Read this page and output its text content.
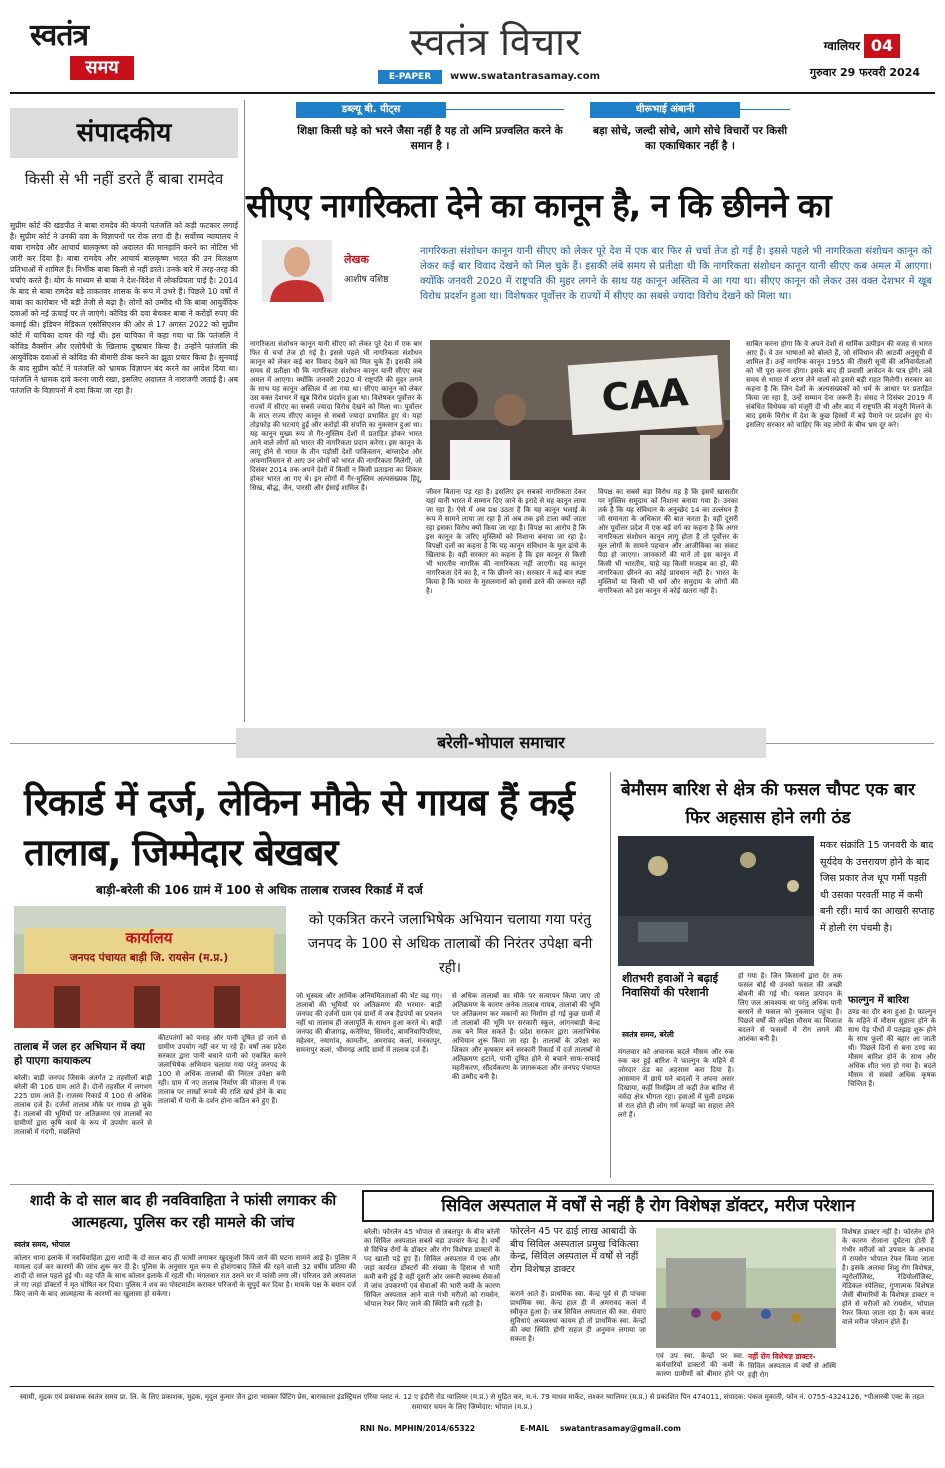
स्वतंत्र
समय
स्वतंत्र विचार
E-PAPER	www.swatantrasamay.com
ग्वालियर 04
गुरुवार 29 फरवरी 2024
संपादकीय
किसी से भी नहीं डरते हैं बाबा रामदेव
सुप्रीम कोर्ट की खंडपीठ ने बाबा रामदेव की कंपनी पतंजलि को कड़ी फटकार लगाई है। सुप्रीम कोर्ट ने उनकी दवा के विज्ञापनों पर रोक लगा दी है। सर्वोच्च न्यायालय ने बाबा रामदेव और आचार्य बालकृष्ण को अदालत की मानहानि करने का नोटिस भी जारी कर दिया है। बाबा रामदेव और आचार्य बालकृष्ण भारत की उन विलक्षण प्रतिभाओं में शामिल हैं। निर्भीक बाबा किसी से नहीं डरते। उनके बारे में तरह-तरह की चर्चाएं करते हैं। योग के माध्यम से बाबा ने देश-विदेश में लोकप्रियता पाई है। 2014 के बाद से बाबा रामदेव बड़े ताकतवर शासक के रूप में उभरे हैं। पिछले 10 वर्षों में बाबा का कारोबार भी बड़ी तेजी से बढ़ा है। लोगों को उम्मीद थी कि बाबा आयुर्वेदिक दवाओं को नई ऊंचाई पर ले जाएंगे। कोविड की दवा बेचकर बाबा ने करोड़ों रुपए की कमाई की। इंडियन मेडिकल एसोसिएशन की ओर से 17 अगस्त 2022 को सुप्रीम कोर्ट में याचिका दायर की गई थी। इस याचिका में कहा गया था कि पतंजलि ने कोविड वैक्सीन और एलोपैथी के खिलाफ दुष्प्रचार किया है। उन्होंने पतंजलि की आयुर्वेदिक दवाओं से कोविड की बीमारी ठीक करने का झूठा प्रचार किया है। सुनवाई के बाद सुप्रीम कोर्ट ने पतंजलि को भ्रामक विज्ञापन बंद करने का आदेश दिया था। पतंजलि ने भ्रामक दावे करना जारी रखा, इसलिए अदालत ने नाराजगी जताई है। अब पतंजलि के विज्ञापनों में दवा किया जा रहा है।
डब्ल्यू बी. यीट्स
शिक्षा किसी घड़े को भरने जैसा नहीं है यह तो अग्नि प्रज्वलित करने के समान है ।
धीरूभाई अंबानी
बड़ा सोचे, जल्दी सोचे, आगे सोचे विचारों पर किसी का एकाधिकार नहीं है ।
सीएए नागरिकता देने का कानून है, न कि छीनने का
लेखक
आशीष वशिष्ठ
नागरिकता संशोधन कानून यानी सीएए को लेकर पूरे देश में एक बार फिर से चर्चा तेज हो गई है। इससे पहले भी नागरिकता संशोधन कानून को लेकर कई बार विवाद देखने को मिल चुके हैं। इसकी लंबे समय से प्रतीक्षा थी कि नागरिकता संशोधन कानून यानी सीएए कब अमल में आएगा। क्योंकि जनवरी 2020 में राष्ट्रपति की मुहर लगने के साथ यह कानून अस्तित्व में आ गया था। सीएए कानून को लेकर उस वक्त देशभर में खूब विरोध प्रदर्शन हुआ था। विशेषकर पूर्वोत्तर के राज्यों में सीएए का सबसे ज्यादा विरोध देखने को मिला था।
CAA
नागरिकता संशोधन कानून यानी सीएए को लेकर पूरे देश में एक बार फिर से चर्चा तेज हो गई है। इससे पहले भी नागरिकता संशोधन कानून को लेकर कई बार विवाद देखने को मिल चुके हैं। इसकी लंबे समय से प्रतीक्षा थी कि नागरिकता संशोधन कानून यानी सीएए कब अमल में आएगा। क्योंकि जनवरी 2020 में राष्ट्रपति की मुहर लगने के साथ यह कानून अस्तित्व में आ गया था। सीएए कानून को लेकर उस वक्त देशभर में खूब विरोध प्रदर्शन हुआ था। विशेषकर पूर्वोत्तर के राज्यों में सीएए का सबसे ज्यादा विरोध देखने को मिला था। पूर्वोत्तर के सात राज्य सीएए कानून से सबसे ज्यादा प्रभावित हुए थे। यहां तोड़फोड़ की घटनाएं हुईं और करोड़ों की संपत्ति का नुकसान हुआ था। यह कानून मुख्य रूप से गैर-मुस्लिम देशों में प्रताड़ित होकर भारत आने वाले लोगों को भारत की नागरिकता प्रदान करेगा। इस कानून के लागू होने से भारत के तीन पड़ोसी देशों पाकिस्तान, बांग्लादेश और अफगानिस्तान से आए उन लोगों को भारत की नागरिकता मिलेगी, जो दिसंबर 2014 तक अपने देशों में किसी न किसी प्रताड़ना का शिकार होकर भारत आ गए थे। इन लोगों में गैर-मुस्लिम अल्पसंख्यक हिंदू, सिख, बौद्ध, जैन, पारसी और ईसाई शामिल हैं।	जीवन बिताना पड़ रहा है। इसलिए इन सबको नागरिकता देकर यहां यानी भारत में सम्मान दिए जाने के इरादे से यह कानून लाया जा रहा है। ऐसे में अब प्रश्न उठता है कि यह कानून भलाई के रूप में सामने लाया जा रहा है तो अब तक इसे टाला क्यों जाता रहा इसका विरोध क्यों किया जा रहा है। विपक्ष का आरोप है कि इस कानून के जरिए मुस्लिमों को निशाना बनाया जा रहा है। विपक्षी दलों का कहना है कि यह कानून संविधान के मूल ढांचे के खिलाफ है। वहीं सरकार का कहना है कि इस कानून से किसी भी भारतीय नागरिक की नागरिकता नहीं जाएगी। यह कानून नागरिकता देने का है, न कि छीनने का। सरकार ने कई बार स्पष्ट किया है कि भारत के मुसलमानों को इससे डरने की जरूरत नहीं है।
विपक्ष का सबसे बड़ा विरोध यह है कि इसमें खासतौर पर मुस्लिम समुदाय को निशाना बनाया गया है। उनका तर्क है कि यह संविधान के अनुच्छेद 14 का उल्लंघन है जो समानता के अधिकार की बात करता है। वहीं दूसरी ओर पूर्वोत्तर प्रदेश में एक बड़ें वर्ग का कहना है कि अगर नागरिकता संशोधन कानून लागू होता है तो पूर्वोत्तर के मूल लोगों के सामने पहचान और आजीविका का संकट पैदा हो जाएगा। जानकारों की मानें तो इस कानून में किसी भी भारतीय, चाहे वह किसी मजहब का हो, की नागरिकता छीनने का कोई प्रावधान नहीं है। भारत के मुस्लिमों या किसी भी धर्म और समुदाय के लोगों की नागरिकता को इस कानून से कोई खतरा नहीं है।
साबित करना होगा कि वे अपने देशों से धार्मिक उत्पीड़न की वजह से भारत आए हैं। वे उन भाषाओं को बोलते हैं, जो संविधान की आठवीं अनुसूची में शामिल हैं। उन्हें नागरिक कानून 1955 की तीसरी सूची की अनिवार्यताओं को भी पूरा करना होगा। इसके बाद ही प्रवासी आवेदन के पात्र होंगे। लंबे समय से भारत में शरण लेने वालों को इससे बड़ी राहत मिलेगी। सरकार का कहना है कि जिन देशों के अल्पसंख्यकों को धर्म के आधार पर प्रताड़ित किया जा रहा है, उन्हें सम्मान देना जरूरी है। संसद ने दिसंबर 2019 में संबंधित विधेयक को मंजूरी दी थी और बाद में राष्ट्रपति की मंजूरी मिलने के बाद इसके विरोध में देश के कुछ हिस्सों में बड़े पैमाने पर प्रदर्शन हुए थे। इसलिए सरकार को चाहिए कि वह लोगों के बीच भ्रम दूर करे।
बरेली-भोपाल समाचार
रिकार्ड में दर्ज, लेकिन मौके से गायब हैं कई तालाब, जिम्मेदार बेखबर
बाड़ी-बरेली की 106 ग्रामं में 100 से अधिक तालाब राजस्व रिकार्ड में दर्ज
को एकत्रित करने जलाभिषेक अभियान चलाया गया परंतु जनपद के 100 से अधिक तालाबों की निरंतर उपेक्षा बनी रही।
कार्यालय
जनपद पंचायत बाड़ी जि. रायसेन (म.प्र.)
तालाब में जल हर अभियान में क्या हो पाएगा कायाकल्प
बरेली। बाड़ी जनपद जिसके अंतर्गत 2 तहसीलों बाड़ी बरेली की 106 ग्राम आते हैं। दोनों तहसील में लगभग 225 ग्राम आते हैं। राजस्व रिकार्ड में 100 से अधिक तालाब दर्ज हैं। दर्जनों तालाब मौके पर गायब हो चुके हैं। तालाबों की भूमियों पर अतिक्रमण एवं तालाबों का ग्रामीणों द्वारा कृषि कार्य के रूप में उपयोग करने से तालाबों में गंदगी, मछलियों
कीटपतंगों को पनाह और पानी दूषित हो जाने से ग्रामीण उपयोग नहीं कर पा रहे हैं। वर्षों तक प्रदेश सरकार द्वारा पानी बचाने पानी को एकत्रित करने जलाभिषेक अभियान चलाया गया परंतु जनपद के 100 से अधिक तालाबों की निरंतर उपेक्षा बनी रही। ग्राम में नए तालाब निर्माण की योजना में एक तालाब पर लाखों रूपये की राशि खर्च होने के बाद तालाबों में पानी के दर्शन होना कठिन बने हुए हैं।
जो भूस्वत्व और आर्थिक अनियमितताओं की भेंट चढ़ गए। तालाबों की भूमियों पर अतिक्रमण की भरमार- बाड़ी जनपद की दर्जनों ग्राम एवं ग्रामों में जब हैंडपंपों का प्रचलन नहीं था तालाब ही जलापूर्ति के साधन हुआ करते थे। बाड़ी जनपद की बीजागढ़, कनेरिया, सिमरोद, बामनियापिपरिया, महेश्वर, नयागांव, कामतौन, अमरावद कलां, मनकापुर, समनापुर कलां, भीमगढ़ आदि ग्रामों में तालाब दर्ज हैं।
से अधिक तालाबों का मौके पर सत्यापन किया जाए तो अतिक्रमण के कारण अनेक तालाब गायब, तालाबों की भूमि पर अतिक्रमण कर मकानों का निर्माण हो गई कुछ ग्रामों में तो तालाबों की भूमि पर सरकारी स्कूल, आंगनबाड़ी केन्द्र तक बने मिल सकते हैं। प्रदेश सरकार द्वारा जलाभिषेक अभियान शुरू किया जा रहा है। तालाबों के उपेक्षा का शिकार और कृषकार बने सरकारी रिकार्ड में दर्ज तालाबों से अतिक्रमण हटाने, पानी दूषित होने से बचाने साफ-सफाई महरीकरण, सौंदर्यकरण के जागरूकता और जनपद पंचायत की उम्मीद बनी है।
बेमौसम बारिश से क्षेत्र की फसल चौपट एक बार फिर अहसास होने लगी ठंड
मकर संक्रांति 15 जनवरी के बाद सूर्यदेव के उत्तरायण होने के बाद जिस प्रकार तेज धूप गर्मी पड़ती थी उसका परवर्ती माह में कमी बनी रही। मार्च का आखरी सप्ताह में होली रंग पंचमी है।
शीतभरी हवाओं ने बढ़ाई निवासियों की परेशानी
स्वतंत्र समय, बरेली
मंगलवार को अचानक बदले मौसम और रुक रुक कर हुई बारिश ने फाल्गुन के महिने में जोरदार ठंड का अहसास करा दिया है। आसमान में छाये घने बादलों ने अपना असर दिखाया, कहीं रिमझिम तो कहीं तेज बारिश से नर्मदा क्षेत्र भीगता रहा। हवाओं में घुली ठण्डक से रात होते ही लोग गर्म कपड़ों का सहारा लेने लगे हैं।
हो गया है। जिन किसानों द्वारा देर तक फसल बोई थी उनको फसल की अच्छी बोवनी की गई थी। फसल उत्पादन के लिए जल आवश्यक था परंतु अधिक पानी बरसने से फसल को नुकसान पहुंचा है। पिछले वर्षों की अपेक्षा मौसम का मिजाज बदलने से फसलों में रोग लगने की आशंका बनी है।
फाल्गुन में बारिश
ठण्ड का दौर बना हुआ है। फाल्गुन के महिने में मौसम सुहाना होने के साथ पेड़ पौधों में पतझड़ शुरू होने के साथ फूलों की बहार आ जाती थी। पिछले दिनों से बना ठण्ड का मौसम बारिश होने के साथ और अधिक शीत भरा हो गया है। बदले मौसम से सबसे अधिक कृषक चिन्तित हैं।
शादी के दो साल बाद ही नवविवाहिता ने फांसी लगाकर की आत्महत्या, पुलिस कर रही मामले की जांच
स्वतंत्र समय, भोपाल
कोलार थाना इलाके में नवविवाहिता द्वारा शादी के दो साल बाद ही फांसी लगाकर खुदकुशी किये जाने की घटना सामने आई है। पुलिस ने मामला दर्ज कर कारणों की जांच शुरू कर दी है। पुलिस के अनुसार मूल रूप से होशंगाबाद जिले की रहने वाली 32 वर्षीय प्रतिमा की शादी दो साल पहले हुई थी। वह पति के साथ कोलार इलाके में रहती थी। मंगलवार रात उसने घर में फांसी लगा ली। परिजन उसे अस्पताल ले गए जहां डॉक्टरों ने मृत घोषित कर दिया। पुलिस ने शव का पोस्टमार्टम कराकर परिजनों के सुपुर्द कर दिया है। मायके पक्ष के बयान दर्ज किए जाने के बाद आत्महत्या के कारणों का खुलासा हो सकेगा।
सिविल अस्पताल में वर्षों से नहीं है रोग विशेषज्ञ डॉक्टर, मरीज परेशान
बरेली। फोरलेन 45 भोपाल से जबलपुर के बीच बरेली का सिविल अस्पताल सबसे बड़ा उपचार केन्द्र है। वर्षों से विभिन्न रोगों के डॉक्टर और रोग विशेषज्ञ डाक्टरों के पद खाली पड़े हुए हैं। सिविल अस्पताल में एक और जहां कार्यरत डॉक्टरों की संख्या के हिसाब से भारी कमी बनी हुई है वहीं दूसरी ओर जरूरी स्वास्थ्य सेवाओं में जांच उपकरणों एवं सेवाओं की भारी कमी के कारण सिविल अस्पताल आने वाले गंभी मरीजों को रायसेन, भोपाल रेफर किए जाने की स्थिति बनी रहती है।
फोरलेन 45 पर ढाई लाख आबादी के बीच सिविल अस्पताल प्रमुख चिकित्सा केन्द्र, सिविल अस्पताल में वर्षों से नहीं रोग विशेषज्ञ डाक्टर
कराने आते हैं। प्राथमिक स्वा. केन्द्र पूर्व से ही पांचवा प्राथमिक स्वा. केन्द्र हाल ही में अमरावद कलां में स्वीकृत हुआ है। जब सिविल अस्पताल की स्वा. सेवाएं सुविधाएं अव्यवस्था कायम हो तो प्राथमिक स्वा. केन्द्रों की क्या स्थिति होगी सहज ही अनुमान लगाया जा सकता है।
एवं उप स्वा. केन्द्रों पर स्वा. कर्मचारियों डाक्टरों की कमी के कारण ग्रामीणों को बीमार होने पर
नहीं रोग विशेषज्ञ डाक्टर-
सिविल अस्पताल में वर्षों से अस्थि हड्डी रोग
विशेषज्ञ डाक्टर नहीं है। फोरलेन होने के कारण रोजाना दुर्घटना होती हैं गंभीर मरीजों को उपचार के अभाव में रायसेन भोपाल रेफर किया जाता है। इसके अलावा शिशु रोग विशेषज्ञ, न्यूरोलॉजिस्ट, रेडियोलॉजिस्ट, मेडिकल स्पेलिस्ट, गुणात्मक विशेषज्ञ जैसी बीमारियों के विशेषज्ञ डाक्टर न होने से मरीजों को रायसेन, भोपाल रेफर किया जाता रहा है। कम बजट वाले मरीज परेशान होते हैं।
स्वामी, मुद्रक एवं प्रकाशक स्वतंत्र समय प्रा. लि. के लिए प्रकाशक, मुद्रक, मृदुल कुमार जैन द्वारा भास्कर प्रिंटिंग प्रेस, बाराकात्ता इंडस्ट्रियल एरिया प्लाट नं. 12 ए इंदौरी रोड ग्वालियर (म.प्र.) से मुद्रित कर, म.नं. 79 माधव मार्केट, लश्कर ग्वालियर (म.प्र.) से प्रकाशित पिन 474011, संपादक: पंकज मुकाती, फोन नं. 0755-4324126, *पीआरबी एक्ट के तहत समाचार चयन के लिए जिम्मेदार: भोपाल (म.प्र.)
RNI No. MPHIN/2014/65322	E-MAIL	swatantrasamay@gmail.com
